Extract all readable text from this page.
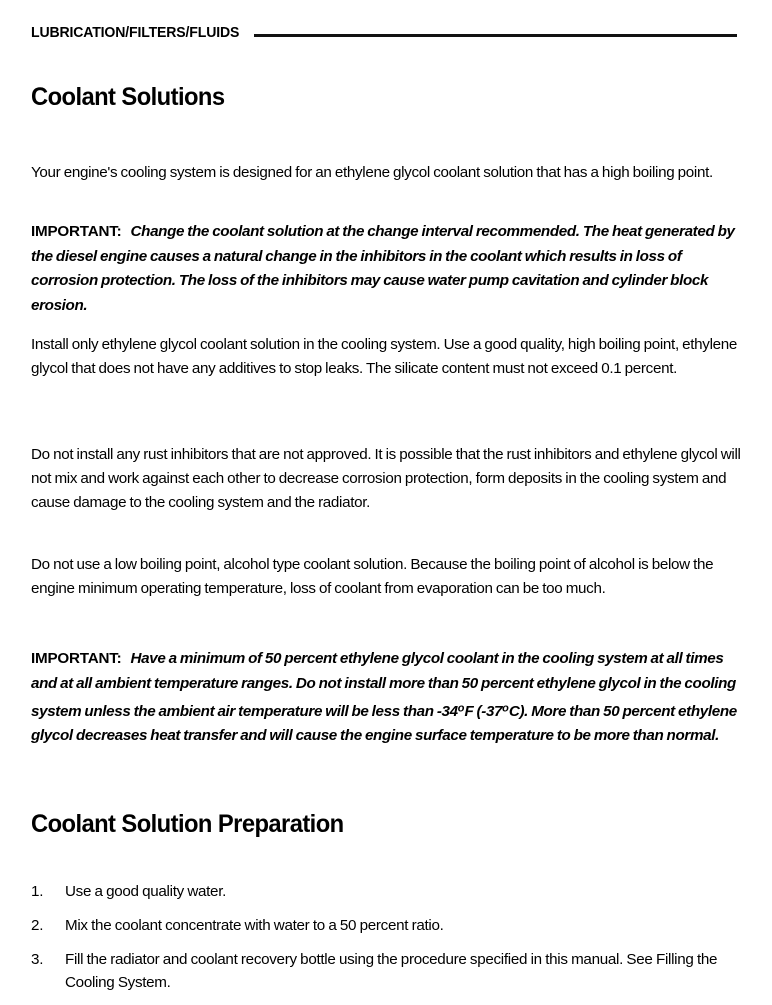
LUBRICATION/FILTERS/FLUIDS
Coolant Solutions

Your engine's cooling system is designed for an ethylene glycol coolant solution that has a high boiling point.

IMPORTANT: Change the coolant solution at the change interval recommended. The heat generated by the diesel engine causes a natural change in the inhibitors in the coolant which results in loss of corrosion protection. The loss of the inhibitors may cause water pump cavitation and cylinder block erosion.

Install only ethylene glycol coolant solution in the cooling system. Use a good quality, high boiling point, ethylene glycol that does not have any additives to stop leaks. The silicate content must not exceed 0.1 percent.

Do not install any rust inhibitors that are not approved. It is possible that the rust inhibitors and ethylene glycol will not mix and work against each other to decrease corrosion protection, form deposits in the cooling system and cause damage to the cooling system and the radiator.

Do not use a low boiling point, alcohol type coolant solution. Because the boiling point of alcohol is below the engine minimum operating temperature, loss of coolant from evaporation can be too much.

IMPORTANT: Have a minimum of 50 percent ethylene glycol coolant in the cooling system at all times and at all ambient temperature ranges. Do not install more than 50 percent ethylene glycol in the cooling system unless the ambient air temperature will be less than -34$^o$F (-37$^o$C). More than 50 percent ethylene glycol decreases heat transfer and will cause the engine surface temperature to be more than normal.
Coolant Solution Preparation
1.	Use a good quality water.
2.	Mix the coolant concentrate with water to a 50 percent ratio.
3.	Fill the radiator and coolant recovery bottle using the procedure specified in this manual. See Filling the Cooling System.
